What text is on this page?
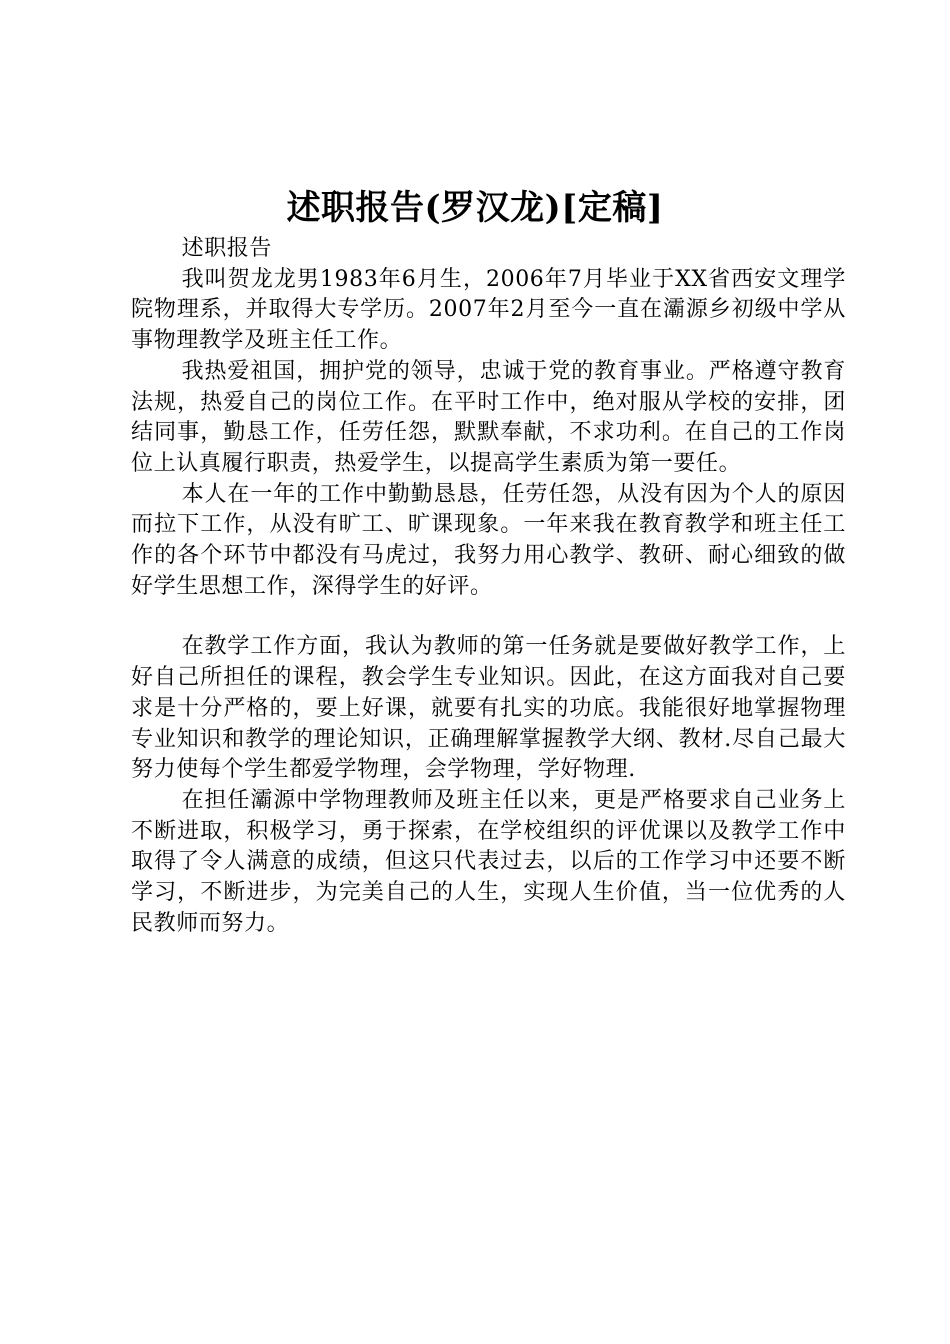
述职报告(罗汉龙)[定稿]

述职报告

我叫贺龙龙男1983年6月生，2006年7月毕业于XX省西安文理学院物理系，并取得大专学历。2007年2月至今一直在灞源乡初级中学从事物理教学及班主任工作。

我热爱祖国，拥护党的领导，忠诚于党的教育事业。严格遵守教育法规，热爱自己的岗位工作。在平时工作中，绝对服从学校的安排，团结同事，勤恳工作，任劳任怨，默默奉献，不求功利。在自己的工作岗位上认真履行职责，热爱学生，以提高学生素质为第一要任。

本人在一年的工作中勤勤恳恳，任劳任怨，从没有因为个人的原因而拉下工作，从没有旷工、旷课现象。一年来我在教育教学和班主任工作的各个环节中都没有马虎过，我努力用心教学、教研、耐心细致的做好学生思想工作，深得学生的好评。

在教学工作方面，我认为教师的第一任务就是要做好教学工作，上好自己所担任的课程，教会学生专业知识。因此，在这方面我对自己要求是十分严格的，要上好课，就要有扎实的功底。我能很好地掌握物理专业知识和教学的理论知识，正确理解掌握教学大纲、教材.尽自己最大努力使每个学生都爱学物理，会学物理，学好物理.

在担任灞源中学物理教师及班主任以来，更是严格要求自己业务上不断进取，积极学习，勇于探索，在学校组织的评优课以及教学工作中取得了令人满意的成绩，但这只代表过去，以后的工作学习中还要不断学习，不断进步，为完美自己的人生，实现人生价值，当一位优秀的人民教师而努力。
